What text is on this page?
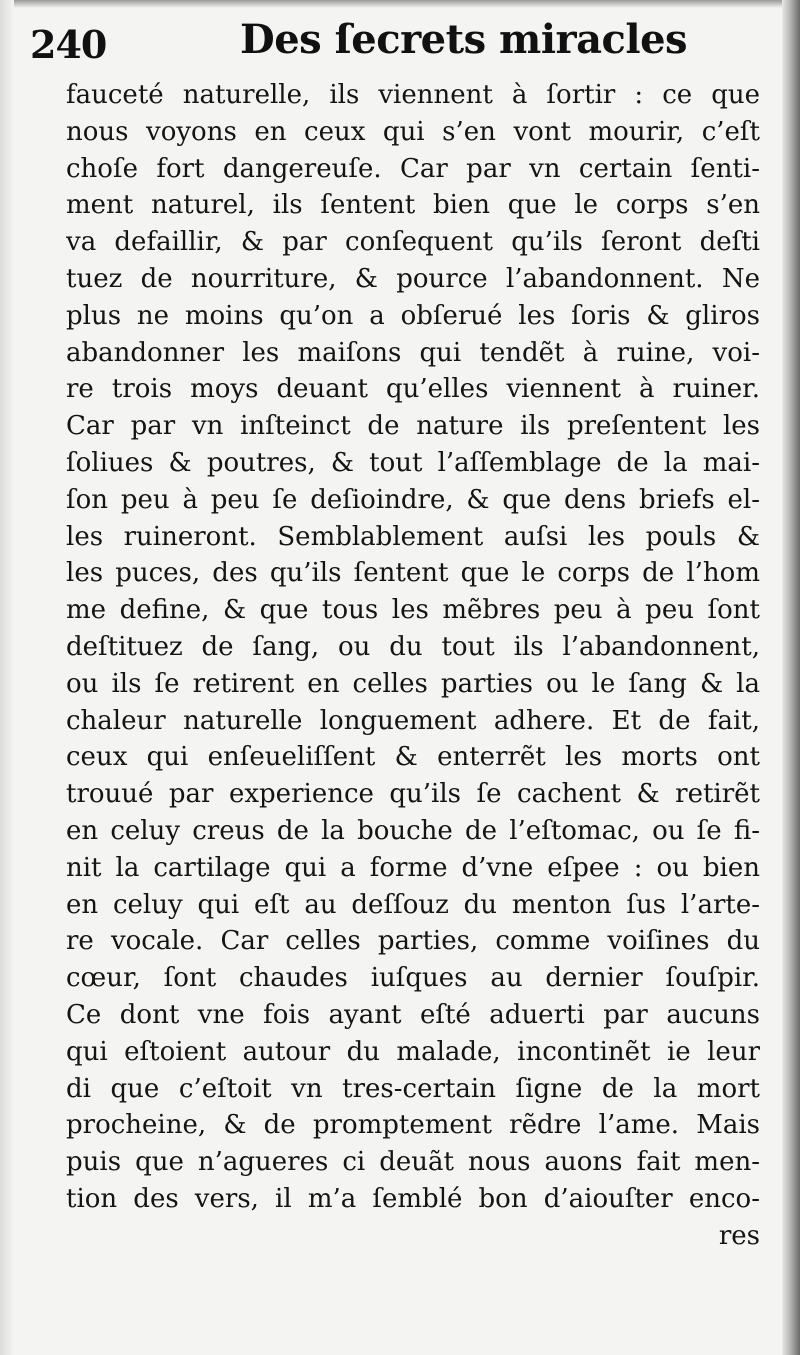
240	Des ſecrets miracles
fauceté naturelle, ils viennent à ſortir : ce que
nous voyons en ceux qui s’en vont mourir, c’eſt
choſe fort dangereuſe. Car par vn certain ſenti-
ment naturel, ils ſentent bien que le corps s’en
va defaillir, & par conſequent qu’ils ſeront deſti
tuez de nourriture, & pource l’abandonnent. Ne
plus ne moins qu’on a obſerué les ſoris & gliros
abandonner les maiſons qui tendẽt à ruine, voi-
re trois moys deuant qu’elles viennent à ruiner.
Car par vn inſteinct de nature ils preſentent les
ſoliues & poutres, & tout l’aſſemblage de la mai-
ſon peu à peu ſe deſioindre, & que dens briefs el-
les ruineront. Semblablement auſsi les pouls &
les puces, des qu’ils ſentent que le corps de l’hom
me define, & que tous les mẽbres peu à peu ſont
deſtituez de ſang, ou du tout ils l’abandonnent,
ou ils ſe retirent en celles parties ou le ſang & la
chaleur naturelle longuement adhere. Et de fait,
ceux qui enſeueliſſent & enterrẽt les morts ont
trouué par experience qu’ils ſe cachent & retirẽt
en celuy creus de la bouche de l’eſtomac, ou ſe fi-
nit la cartilage qui a forme d’vne eſpee : ou bien
en celuy qui eſt au deſſouz du menton ſus l’arte-
re vocale. Car celles parties, comme voiſines du
cœur, ſont chaudes iuſques au dernier ſouſpir.
Ce dont vne fois ayant eſté aduerti par aucuns
qui eſtoient autour du malade, incontinẽt ie leur
di que c’eſtoit vn tres-certain ſigne de la mort
procheine, & de promptement rẽdre l’ame. Mais
puis que n’agueres ci deuãt nous auons fait men-
tion des vers, il m’a ſemblé bon d’aiouſter enco-
res
